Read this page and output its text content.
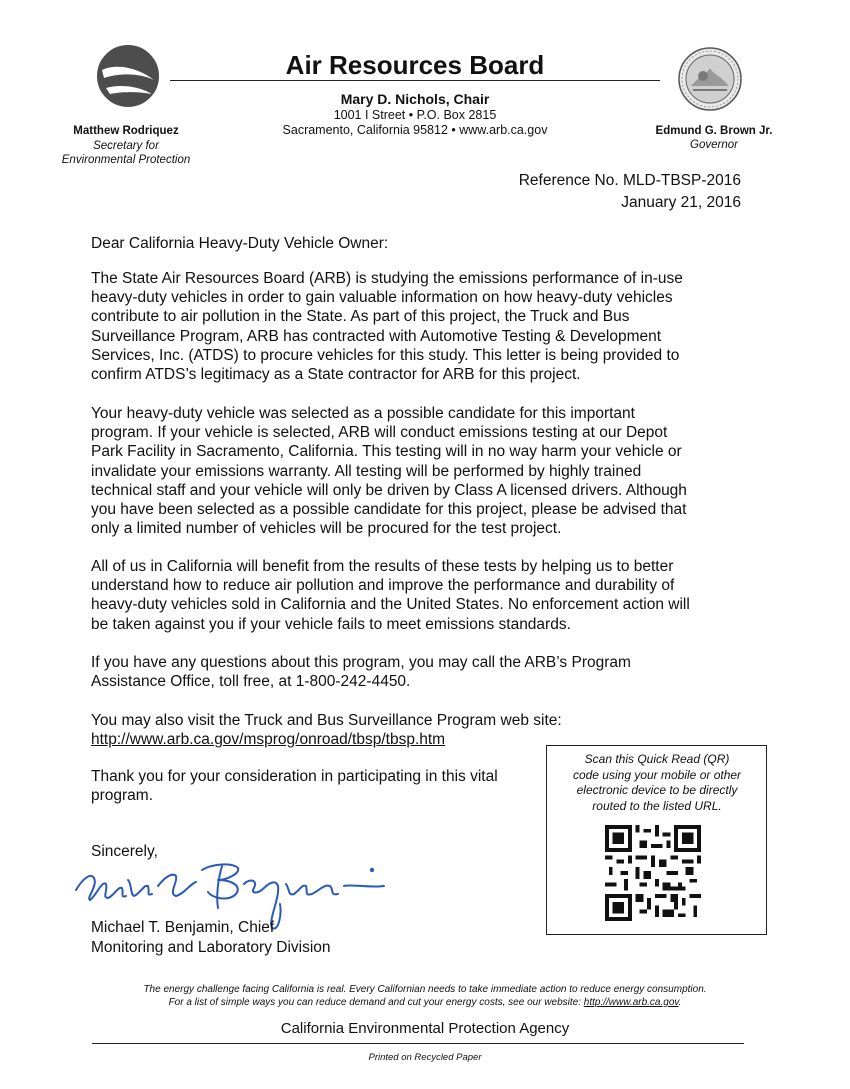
Air Resources Board
Mary D. Nichols, Chair
1001 I Street • P.O. Box 2815
Sacramento, California 95812 • www.arb.ca.gov
Matthew Rodriquez
Secretary for
Environmental Protection
Edmund G. Brown Jr.
Governor
Reference No. MLD-TBSP-2016
January 21, 2016
Dear California Heavy-Duty Vehicle Owner:
The State Air Resources Board (ARB) is studying the emissions performance of in-use
heavy-duty vehicles in order to gain valuable information on how heavy-duty vehicles
contribute to air pollution in the State. As part of this project, the Truck and Bus
Surveillance Program, ARB has contracted with Automotive Testing & Development
Services, Inc. (ATDS) to procure vehicles for this study. This letter is being provided to
confirm ATDS’s legitimacy as a State contractor for ARB for this project.
Your heavy-duty vehicle was selected as a possible candidate for this important
program. If your vehicle is selected, ARB will conduct emissions testing at our Depot
Park Facility in Sacramento, California. This testing will in no way harm your vehicle or
invalidate your emissions warranty. All testing will be performed by highly trained
technical staff and your vehicle will only be driven by Class A licensed drivers. Although
you have been selected as a possible candidate for this project, please be advised that
only a limited number of vehicles will be procured for the test project.
All of us in California will benefit from the results of these tests by helping us to better
understand how to reduce air pollution and improve the performance and durability of
heavy-duty vehicles sold in California and the United States. No enforcement action will
be taken against you if your vehicle fails to meet emissions standards.
If you have any questions about this program, you may call the ARB’s Program
Assistance Office, toll free, at 1-800-242-4450.
You may also visit the Truck and Bus Surveillance Program web site:
http://www.arb.ca.gov/msprog/onroad/tbsp/tbsp.htm
Thank you for your consideration in participating in this vital
program.
Sincerely,
Michael T. Benjamin, Chief
Monitoring and Laboratory Division
Scan this Quick Read (QR)
code using your mobile or other
electronic device to be directly
routed to the listed URL.
The energy challenge facing California is real. Every Californian needs to take immediate action to reduce energy consumption.
For a list of simple ways you can reduce demand and cut your energy costs, see our website: http://www.arb.ca.gov.
California Environmental Protection Agency
Printed on Recycled Paper
